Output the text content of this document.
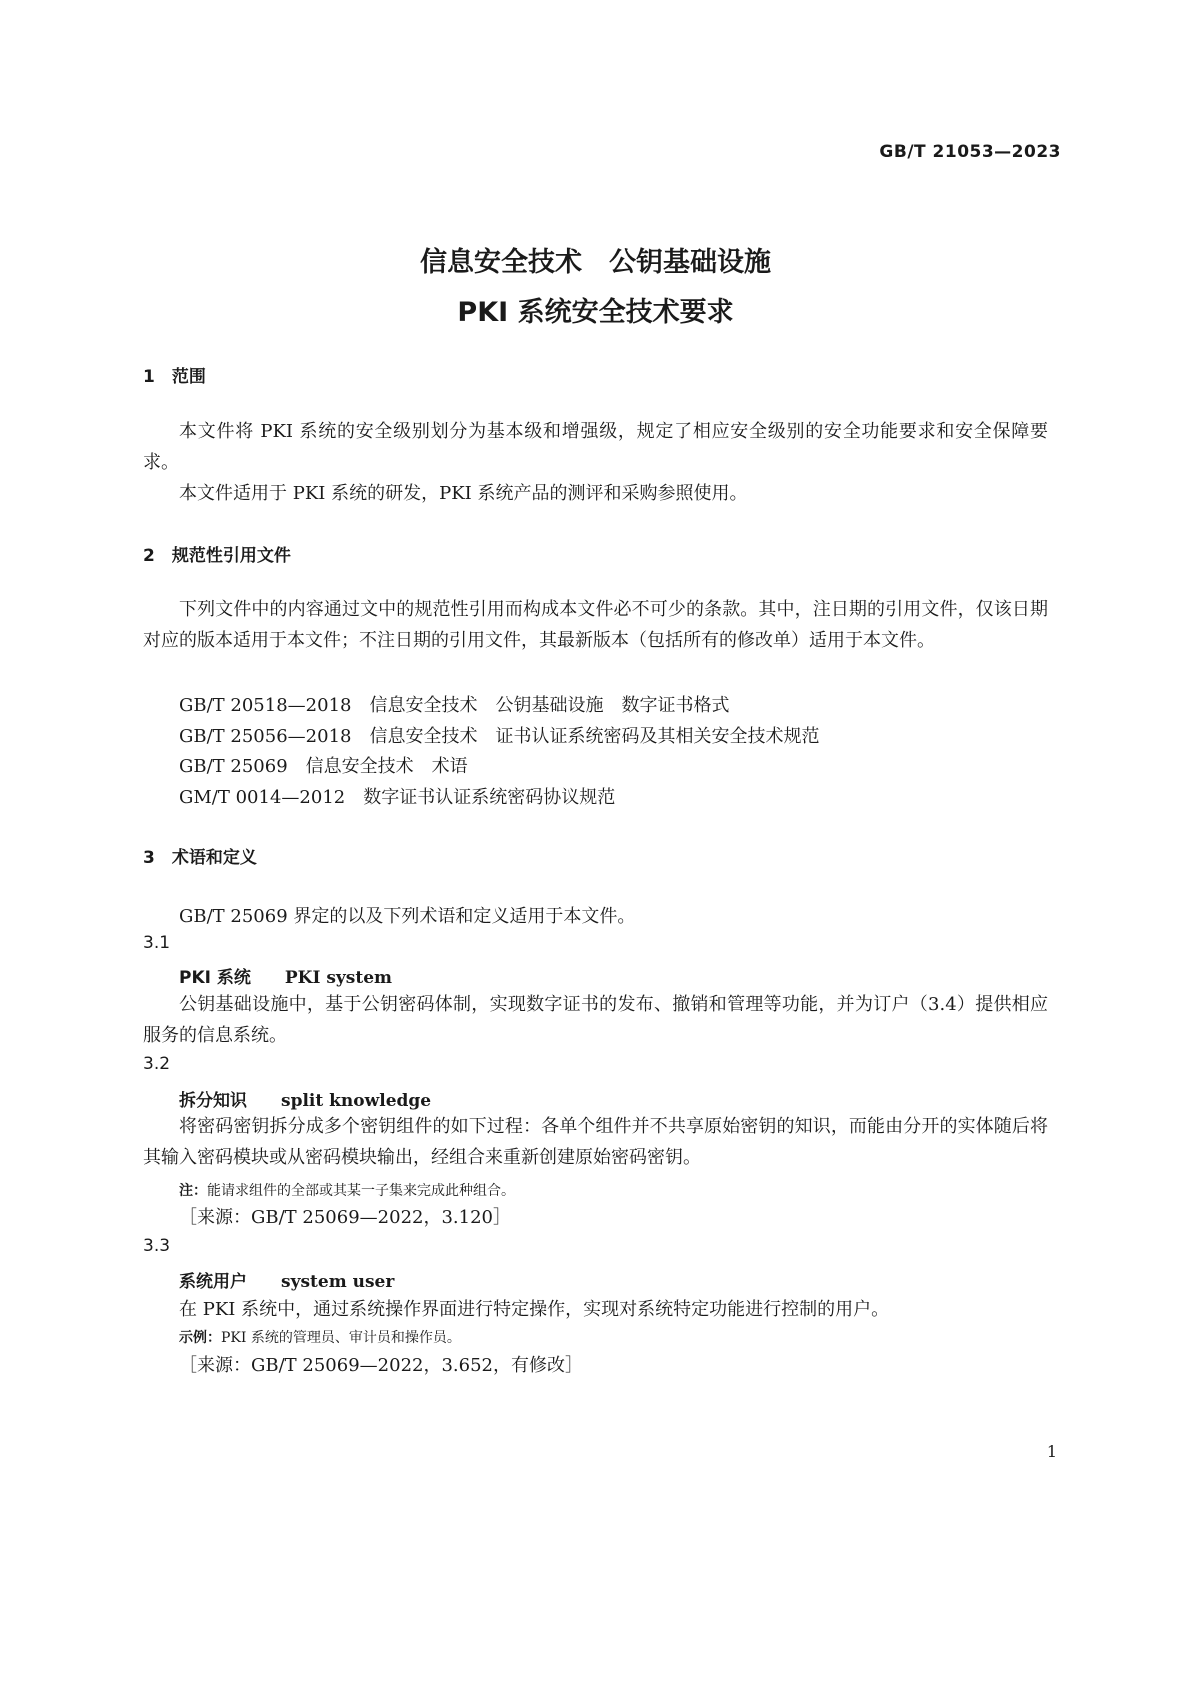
GB/T 21053—2023
信息安全技术　公钥基础设施
PKI 系统安全技术要求
1　范围
本文件将 PKI 系统的安全级别划分为基本级和增强级，规定了相应安全级别的安全功能要求和安全保障要求。
本文件适用于 PKI 系统的研发，PKI 系统产品的测评和采购参照使用。
2　规范性引用文件
下列文件中的内容通过文中的规范性引用而构成本文件必不可少的条款。其中，注日期的引用文件，仅该日期对应的版本适用于本文件；不注日期的引用文件，其最新版本（包括所有的修改单）适用于本文件。
GB/T 20518—2018　信息安全技术　公钥基础设施　数字证书格式
GB/T 25056—2018　信息安全技术　证书认证系统密码及其相关安全技术规范
GB/T 25069　信息安全技术　术语
GM/T 0014—2012　数字证书认证系统密码协议规范
3　术语和定义
GB/T 25069 界定的以及下列术语和定义适用于本文件。
3.1
PKI 系统　　 PKI system
公钥基础设施中，基于公钥密码体制，实现数字证书的发布、撤销和管理等功能，并为订户（3.4）提供相应服务的信息系统。
3.2
拆分知识　　 split knowledge
将密码密钥拆分成多个密钥组件的如下过程：各单个组件并不共享原始密钥的知识，而能由分开的实体随后将其输入密码模块或从密码模块输出，经组合来重新创建原始密码密钥。
注：能请求组件的全部或其某一子集来完成此种组合。
［来源：GB/T 25069—2022，3.120］
3.3
系统用户　　 system user
在 PKI 系统中，通过系统操作界面进行特定操作，实现对系统特定功能进行控制的用户。
示例：PKI 系统的管理员、审计员和操作员。
［来源：GB/T 25069—2022，3.652，有修改］
1
